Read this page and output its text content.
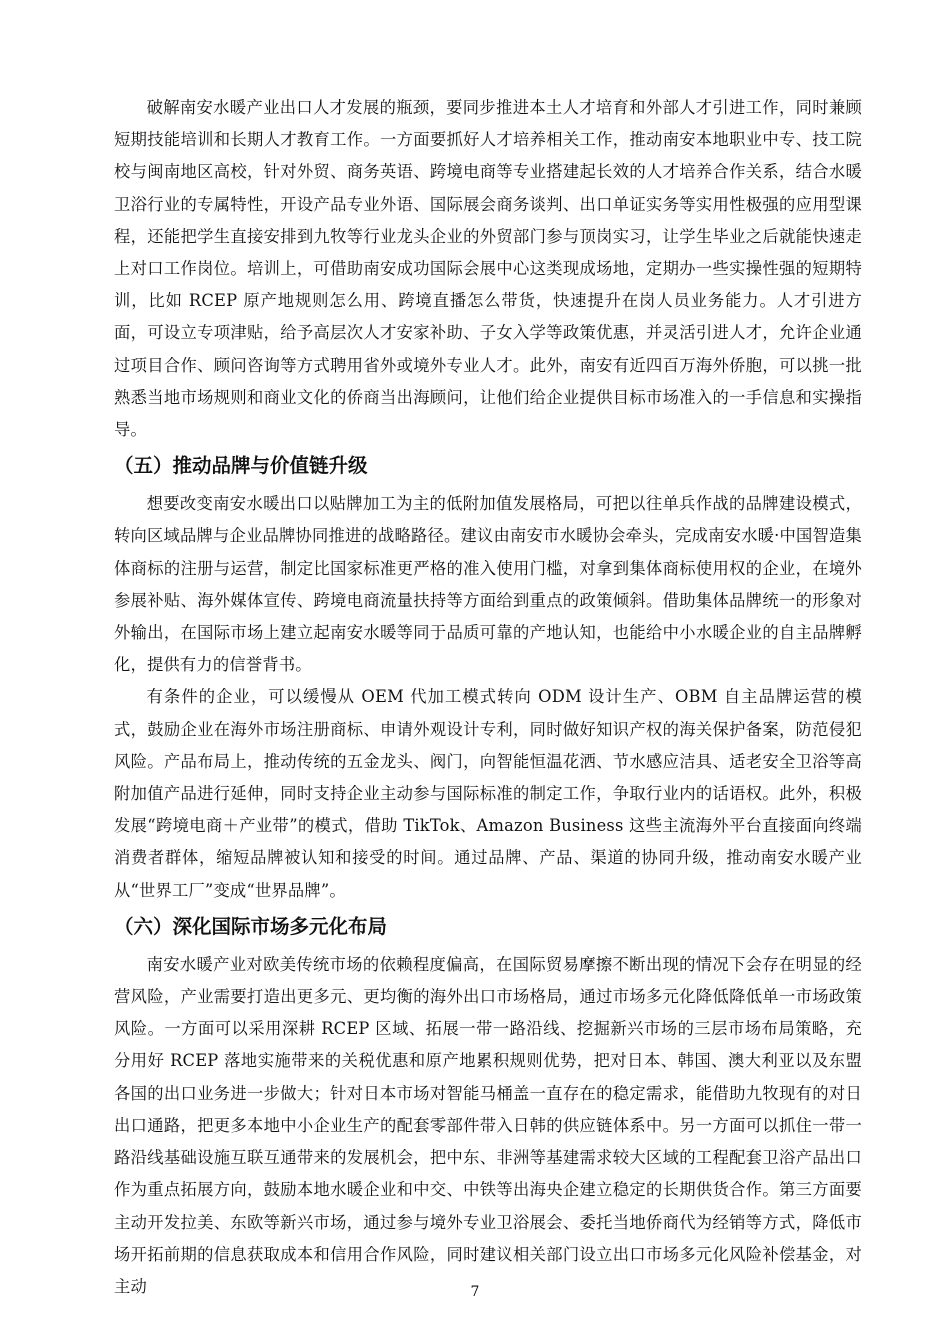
破解南安水暖产业出口人才发展的瓶颈，要同步推进本土人才培育和外部人才引进工作，同时兼顾短期技能培训和长期人才教育工作。一方面要抓好人才培养相关工作，推动南安本地职业中专、技工院校与闽南地区高校，针对外贸、商务英语、跨境电商等专业搭建起长效的人才培养合作关系，结合水暖卫浴行业的专属特性，开设产品专业外语、国际展会商务谈判、出口单证实务等实用性极强的应用型课程，还能把学生直接安排到九牧等行业龙头企业的外贸部门参与顶岗实习，让学生毕业之后就能快速走上对口工作岗位。培训上，可借助南安成功国际会展中心这类现成场地，定期办一些实操性强的短期特训，比如 RCEP 原产地规则怎么用、跨境直播怎么带货，快速提升在岗人员业务能力。人才引进方面，可设立专项津贴，给予高层次人才安家补助、子女入学等政策优惠，并灵活引进人才，允许企业通过项目合作、顾问咨询等方式聘用省外或境外专业人才。此外，南安有近四百万海外侨胞，可以挑一批熟悉当地市场规则和商业文化的侨商当出海顾问，让他们给企业提供目标市场准入的一手信息和实操指导。

（五）推动品牌与价值链升级

想要改变南安水暖出口以贴牌加工为主的低附加值发展格局，可把以往单兵作战的品牌建设模式，转向区域品牌与企业品牌协同推进的战略路径。建议由南安市水暖协会牵头，完成南安水暖·中国智造集体商标的注册与运营，制定比国家标准更严格的准入使用门槛，对拿到集体商标使用权的企业，在境外参展补贴、海外媒体宣传、跨境电商流量扶持等方面给到重点的政策倾斜。借助集体品牌统一的形象对外输出，在国际市场上建立起南安水暖等同于品质可靠的产地认知，也能给中小水暖企业的自主品牌孵化，提供有力的信誉背书。

有条件的企业，可以缓慢从 OEM 代加工模式转向 ODM 设计生产、OBM 自主品牌运营的模式，鼓励企业在海外市场注册商标、申请外观设计专利，同时做好知识产权的海关保护备案，防范侵犯风险。产品布局上，推动传统的五金龙头、阀门，向智能恒温花洒、节水感应洁具、适老安全卫浴等高附加值产品进行延伸，同时支持企业主动参与国际标准的制定工作，争取行业内的话语权。此外，积极发展“跨境电商＋产业带”的模式，借助 TikTok、Amazon Business 这些主流海外平台直接面向终端消费者群体，缩短品牌被认知和接受的时间。通过品牌、产品、渠道的协同升级，推动南安水暖产业从“世界工厂”变成“世界品牌”。

（六）深化国际市场多元化布局

南安水暖产业对欧美传统市场的依赖程度偏高，在国际贸易摩擦不断出现的情况下会存在明显的经营风险，产业需要打造出更多元、更均衡的海外出口市场格局，通过市场多元化降低降低单一市场政策风险。一方面可以采用深耕 RCEP 区域、拓展一带一路沿线、挖掘新兴市场的三层市场布局策略，充分用好 RCEP 落地实施带来的关税优惠和原产地累积规则优势，把对日本、韩国、澳大利亚以及东盟各国的出口业务进一步做大；针对日本市场对智能马桶盖一直存在的稳定需求，能借助九牧现有的对日出口通路，把更多本地中小企业生产的配套零部件带入日韩的供应链体系中。另一方面可以抓住一带一路沿线基础设施互联互通带来的发展机会，把中东、非洲等基建需求较大区域的工程配套卫浴产品出口作为重点拓展方向，鼓励本地水暖企业和中交、中铁等出海央企建立稳定的长期供货合作。第三方面要主动开发拉美、东欧等新兴市场，通过参与境外专业卫浴展会、委托当地侨商代为经销等方式，降低市场开拓前期的信息获取成本和信用合作风险，同时建议相关部门设立出口市场多元化风险补偿基金，对主动	7
